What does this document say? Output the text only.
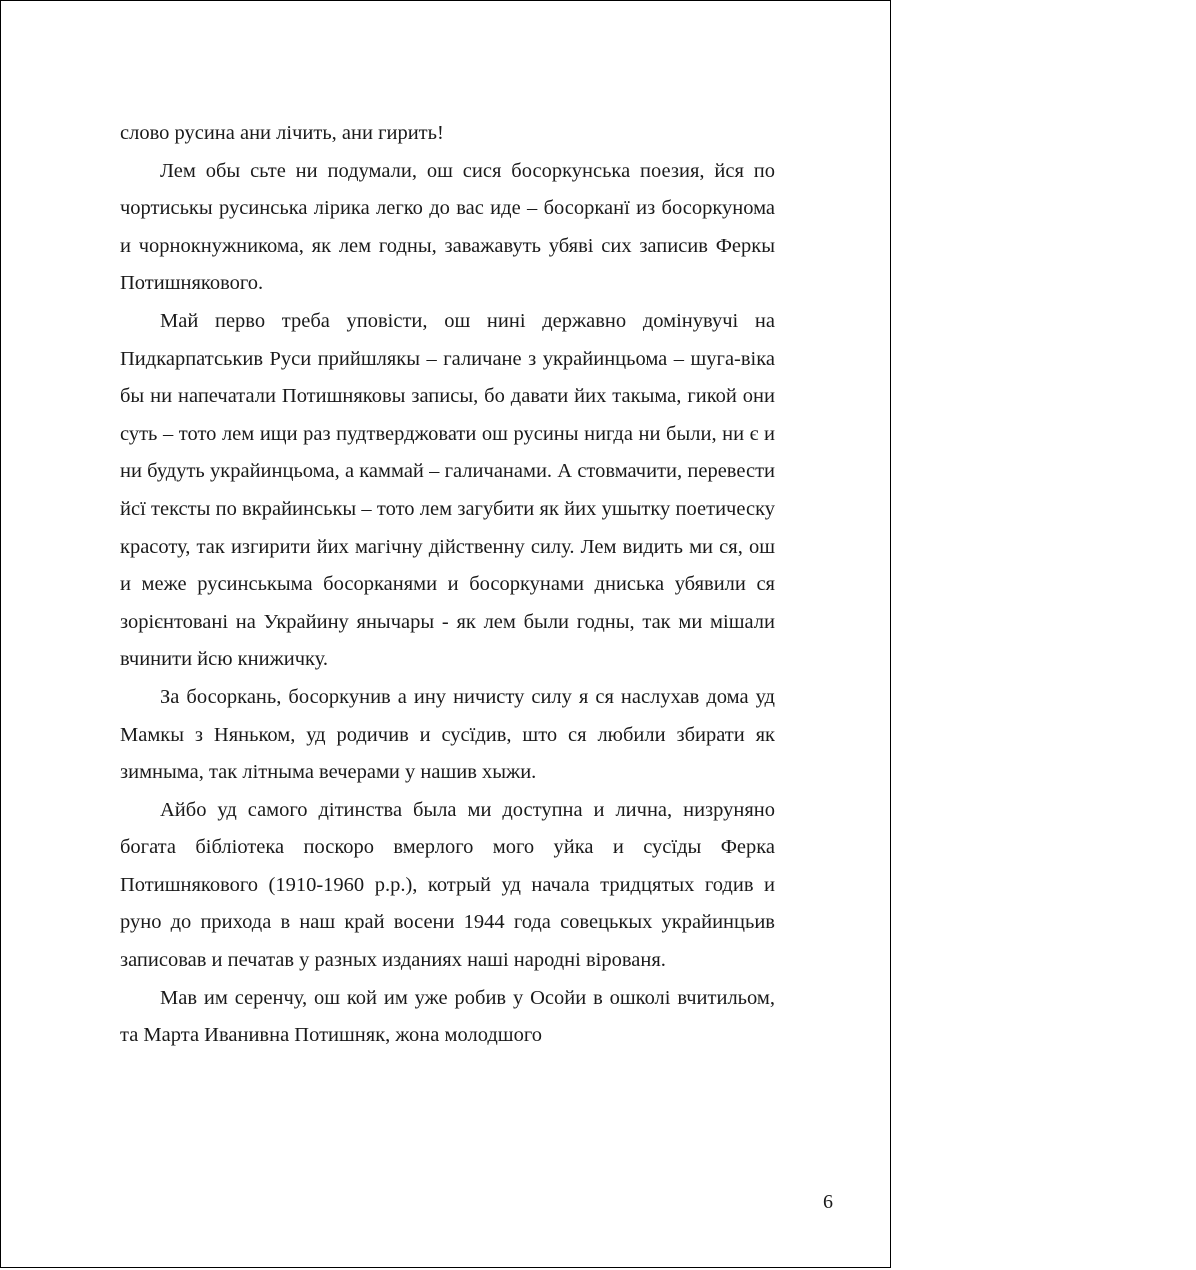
слово русина ани лічить, ани гирить!

Лем обы сьте ни подумали, ош сися босоркунська поезия, йся по чортиськы русинська лірика легко до вас иде – босорканї из босоркунома и чорнокнyжникома, як лем годны, заважавуть убяві сих записив Феркы Потишнякового.

Май перво треба уповісти, ош нині державно домінувучі на Пидкарпатськив Руси прийшлякы – галичане з украйинцьома – шуга-віка бы ни напечатали Потишняковы записы, бо давати йих такыма, гикой они суть – тото лем ищи раз пудтверджовати ош русины нигда ни были, ни є и ни будуть украйинцьома, а каммай – галичанами. А стовмачити, перевести йсї тексты по вкрайинськы – тото лем загубити як йих ушытку поетическу красоту, так изгирити йих магічну дійственну силу. Лем видить ми ся, ош и меже русинськыма босорканями и босоркунами дниська убявили ся зорієнтовані на Украйину янычары - як лем были годны, так ми мішали вчинити йсю книжичку.

За босоркань, босоркунив а ину ничисту силу я ся наслухав дома уд Мамкы з Няньком, уд родичив и сусїдив, што ся любили збирати як зимныма, так літныма вечерами у нашив хыжи.

Айбо уд самого дітинства была ми доступна и лична, низруняно богата бібліотека поскоро вмерлого мого уйка и сусїды Ферка Потишнякового (1910-1960 р.р.), котрый уд начала тридцятых годив и руно до прихода в наш край восени 1944 года совецькых украйинцьив записовав и печатав у разных изданиях наші народні вірованя.

Мав им серенчу, ош кой им уже робив у Осойи в ошколі вчитильом, та Марта Иванивна Потишняк, жона молодшого

6
